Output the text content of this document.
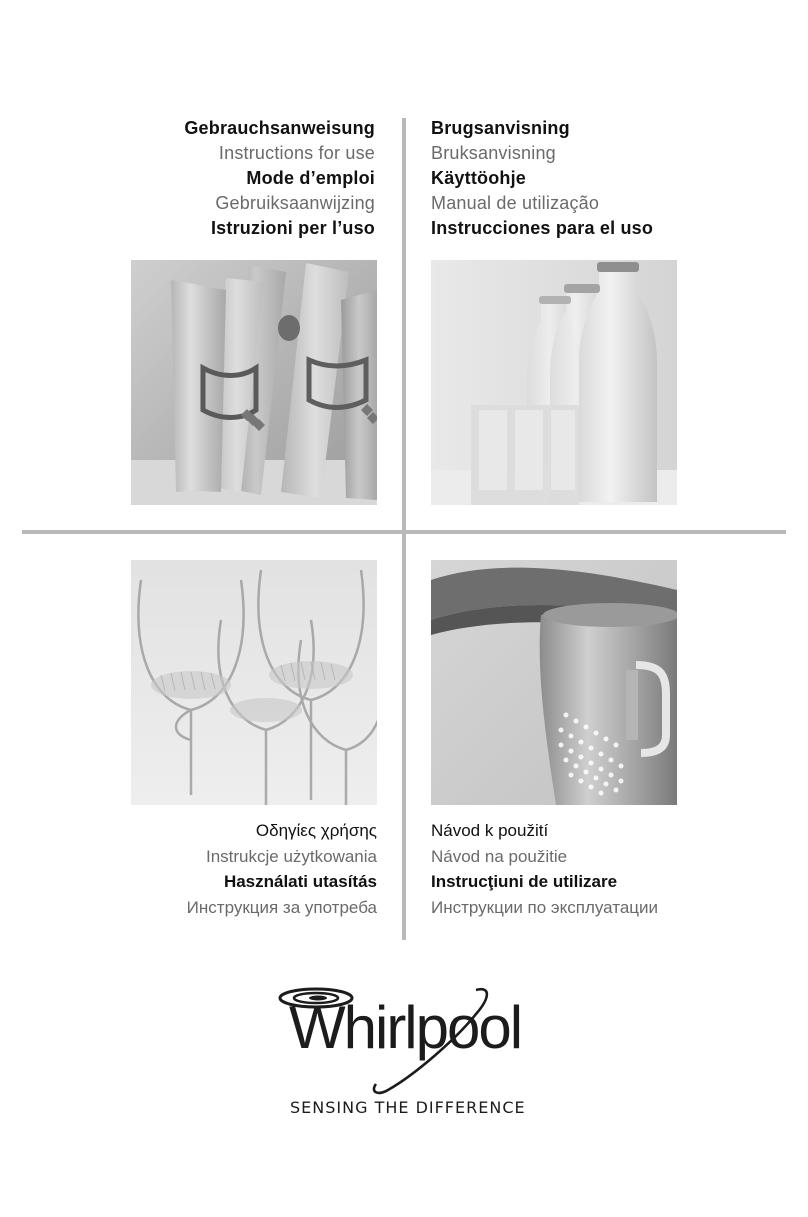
Gebrauchsanweisung
Instructions for use
Mode d’emploi
Gebruiksaanwijzing
Istruzioni per l’uso
Brugsanvisning
Bruksanvisning
Käyttöohje
Manual de utilização
Instrucciones para el uso
Οδηγίες χρήσης
Instrukcje użytkowania
Használati utasítás
Инструкция за употреба
Návod k použití
Návod na použitie
Instrucţiuni de utilizare
Инструкции по эксплуатации
Whirlpool
SENSING THE DIFFERENCE
